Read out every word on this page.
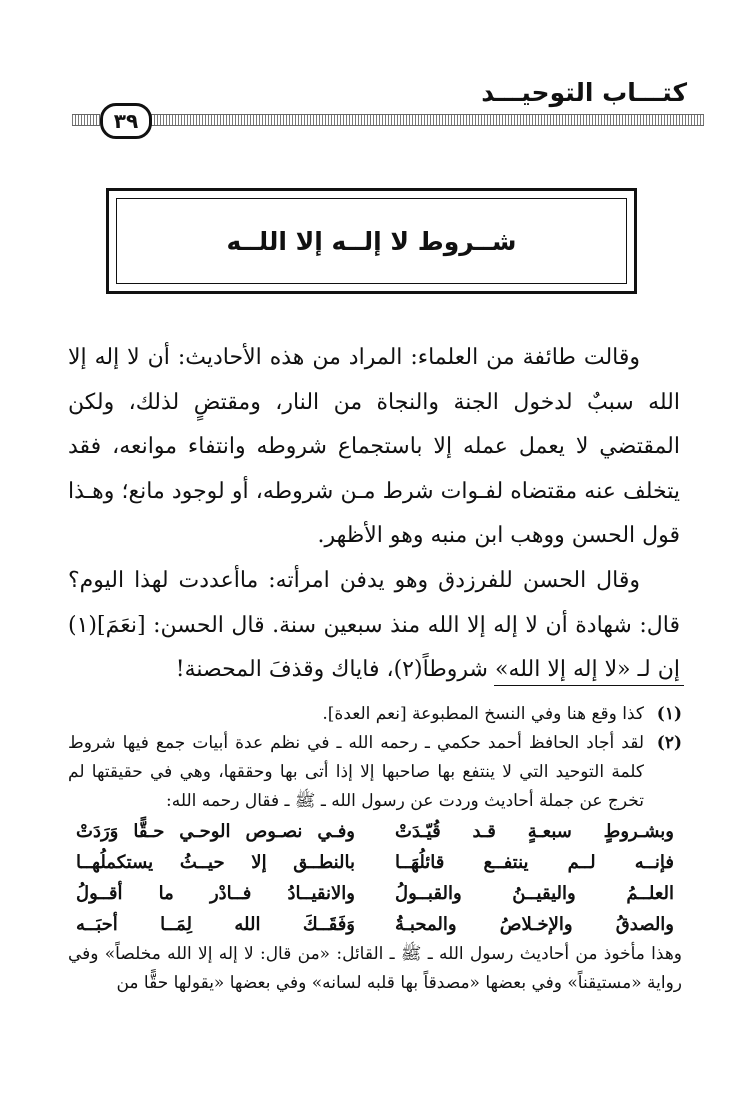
كتـــاب التوحيـــد
٣٩
شــروط لا إلــه إلا اللــه

وقالت طائفة من العلماء: المراد من هذه الأحاديث: أن لا إله إلا الله سببٌ لدخول الجنة والنجاة من النار، ومقتضٍ لذلك، ولكن المقتضي لا يعمل عمله إلا باستجماع شروطه وانتفاء موانعه، فقد يتخلف عنه مقتضاه لفـوات شرط مـن شروطه، أو لوجود مانع؛ وهـذا قول الحسن ووهب ابن منبه وهو الأظهر.

وقال الحسن للفرزدق وهو يدفن امرأته: ماأعددت لهذا اليوم؟ قال: شهادة أن لا إله إلا الله منذ سبعين سنة. قال الحسن: [نعَمَ](١) إن لـ «لا إله إلا الله» شروطاً(٢)، فاياك وقذفَ المحصنة!

(١)
كذا وقع هنا وفي النسخ المطبوعة [نعم العدة].
(٢)
لقد أجاد الحافظ أحمد حكمي ـ رحمه الله ـ في نظم عدة أبيات جمع فيها شروط كلمة التوحيد التي لا ينتفع بها صاحبها إلا إذا أتى بها وحققها، وهي في حقيقتها لم تخرج عن جملة أحاديث وردت عن رسول الله ـ ﷺ ـ فقال رحمه الله:
وبشـروطٍ سبعـةٍ قـد قُيّـدَتْ
وفـي نصـوص الوحـي حـقًّا وَرَدَتْ
فإنــه لــم ينتفــع قائلُهَــا
بالنطــق إلا حيــثُ يستكملُهــا
العلــمُ واليقيــنُ والقبــولُ
والانقيــادُ فــادْر ما أقــولُ
والصدقُ والإخـلاصُ والمحبـةُ
وَفَقَــكَ الله لِمَــا أحبَــه
وهذا مأخوذ من أحاديث رسول الله ـ ﷺ ـ القائل: «من قال: لا إله إلا الله مخلصاً» وفي رواية «مستيقناً» وفي بعضها «مصدقاً بها قلبه لسانه» وفي بعضها «يقولها حقًّا من
